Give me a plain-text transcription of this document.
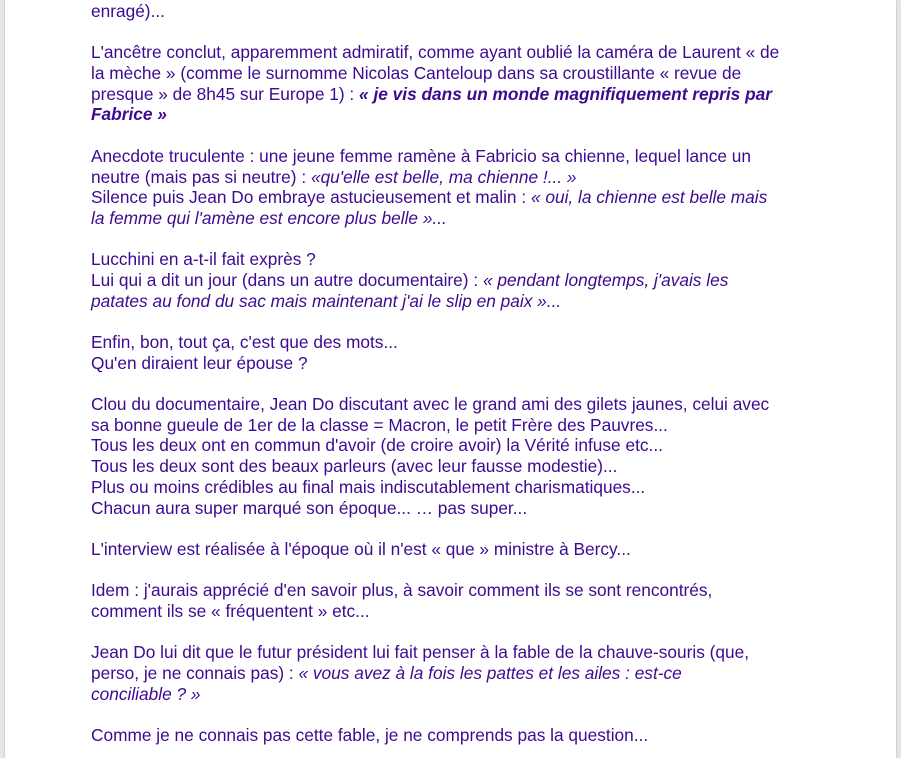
enragé)...
L'ancêtre conclut, apparemment admiratif, comme ayant oublié la caméra de Laurent « de
la mèche » (comme le surnomme Nicolas Canteloup dans sa croustillante « revue de
presque » de 8h45 sur Europe 1) : « je vis dans un monde magnifiquement repris par
Fabrice »
Anecdote truculente : une jeune femme ramène à Fabricio sa chienne, lequel lance un
neutre (mais pas si neutre) : «qu'elle est belle, ma chienne !... »
Silence puis Jean Do embraye astucieusement et malin : « oui, la chienne est belle mais
la femme qui l'amène est encore plus belle »...
Lucchini en a-t-il fait exprès ?
Lui qui a dit un jour (dans un autre documentaire) : « pendant longtemps, j'avais les
patates au fond du sac mais maintenant j'ai le slip en paix »...
Enfin, bon, tout ça, c'est que des mots...
Qu'en diraient leur épouse ?
Clou du documentaire, Jean Do discutant avec le grand ami des gilets jaunes, celui avec
sa bonne gueule de 1er de la classe = Macron, le petit Frère des Pauvres...
Tous les deux ont en commun d'avoir (de croire avoir) la Vérité infuse etc...
Tous les deux sont des beaux parleurs (avec leur fausse modestie)...
Plus ou moins crédibles au final mais indiscutablement charismatiques...
Chacun aura super marqué son époque... … pas super...
L'interview est réalisée à l'époque où il n'est « que » ministre à Bercy...
Idem : j'aurais apprécié d'en savoir plus, à savoir comment ils se sont rencontrés,
comment ils se « fréquentent » etc...
Jean Do lui dit que le futur président lui fait penser à la fable de la chauve-souris (que,
perso, je ne connais pas) : « vous avez à la fois les pattes et les ailes : est-ce
conciliable ? »
Comme je ne connais pas cette fable, je ne comprends pas la question...
